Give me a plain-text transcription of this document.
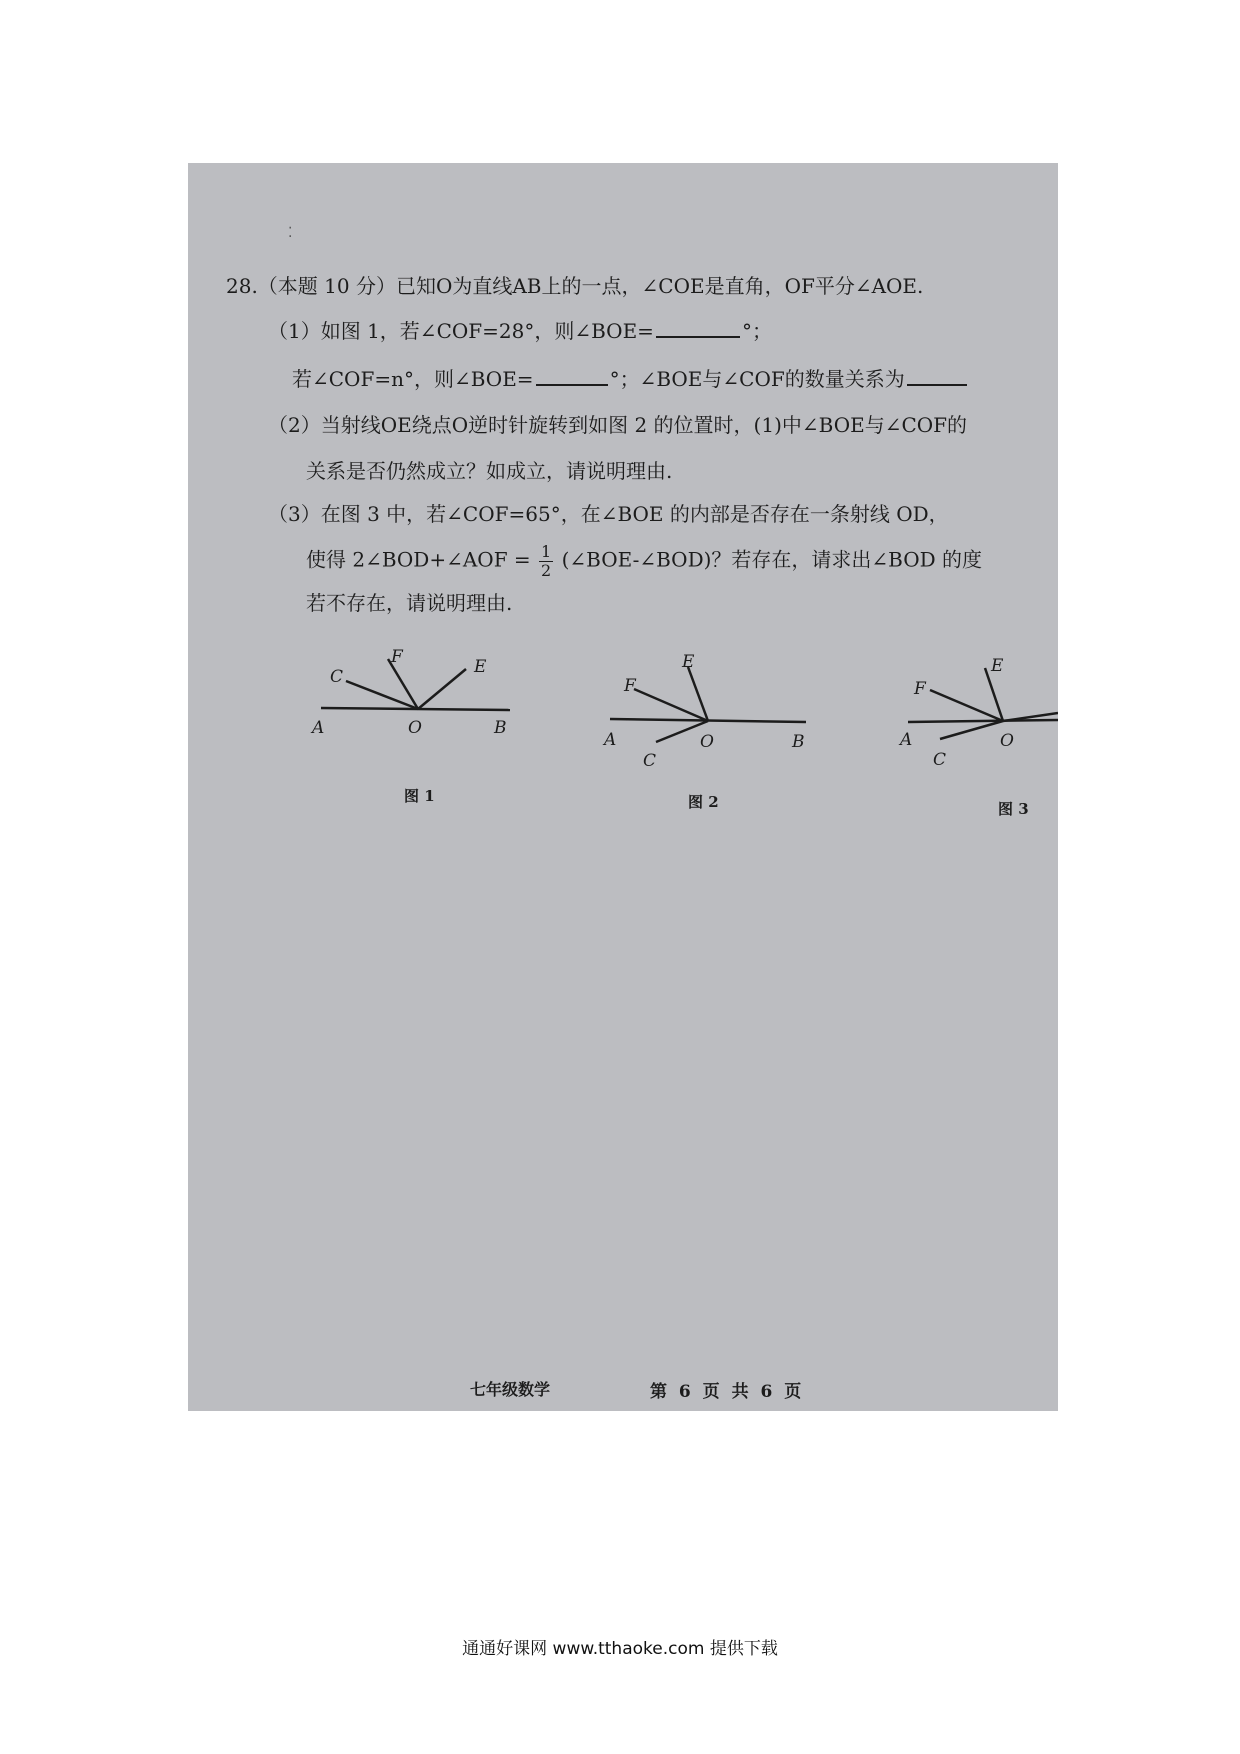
⁚
28.（本题 10 分）已知O为直线AB上的一点，∠COE是直角，OF平分∠AOE.
（1）如图 1，若∠COF=28°，则∠BOE=	°；
若∠COF=n°，则∠BOE=	°；∠BOE与∠COF的数量关系为
（2）当射线OE绕点O逆时针旋转到如图 2 的位置时，(1)中∠BOE与∠COF的
关系是否仍然成立？如成立，请说明理由.
（3）在图 3 中，若∠COF=65°，在∠BOE 的内部是否存在一条射线 OD，
使得 2∠BOD+∠AOF = $\frac{1}{2}$ (∠BOE-∠BOD)？若存在，请求出∠BOD 的度
若不存在，请说明理由.
A	O	B
C
F	E
A	O	B
F
E
C
A	O
F
E
C
图 1	图 2	图 3
七年级数学	第 6 页 共 6 页
通通好课网 www.tthaoke.com 提供下载
